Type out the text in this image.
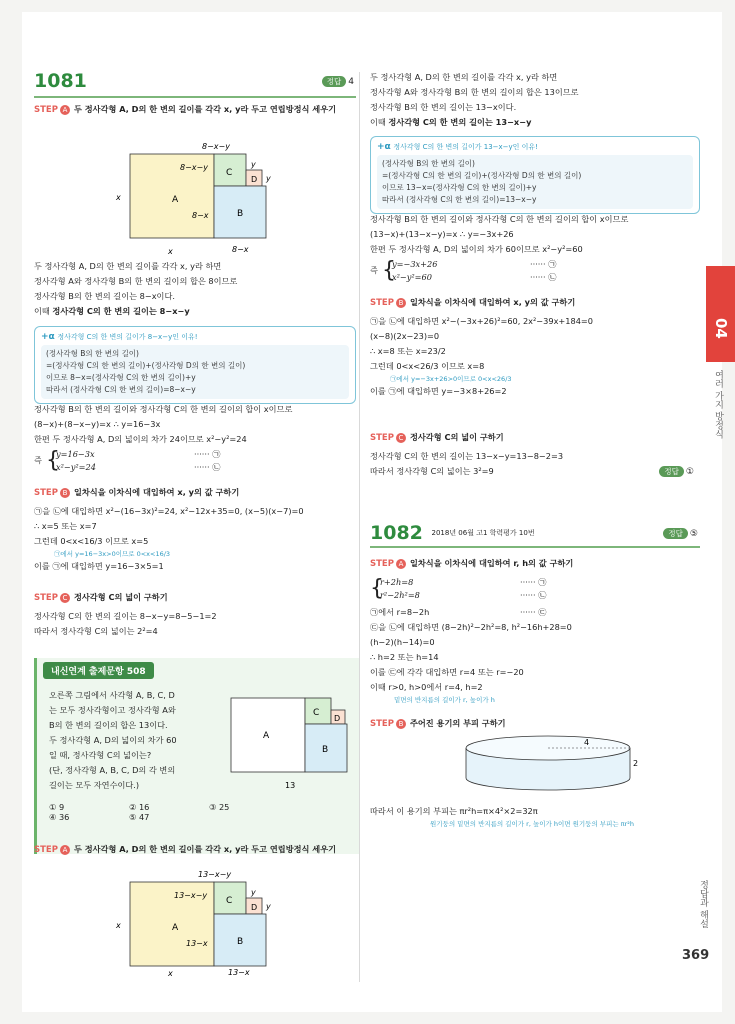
1081	정답 4
STEP A 두 정사각형 A, D의 한 변의 길이를 각각 x, y라 두고 연립방정식 세우기
A
C
D
B
8−x−y
8−x−y	y
y
x
8−x
8−x
x
두 정사각형 A, D의 한 변의 길이를 각각 x, y라 하면
정사각형 A와 정사각형 B의 한 변의 길이의 합은 8이므로
정사각형 B의 한 변의 길이는 8−x이다.
이때 정사각형 C의 한 변의 길이는 8−x−y
+α 정사각형 C의 한 변의 길이가 8−x−y인 이유!
(정사각형 B의 한 변의 길이)
=(정사각형 C의 한 변의 길이)+(정사각형 D의 한 변의 길이)
이므로 8−x=(정사각형 C의 한 변의 길이)+y
따라서 (정사각형 C의 한 변의 길이)=8−x−y
정사각형 B의 한 변의 길이와 정사각형 C의 한 변의 길이의 합이 x이므로
(8−x)+(8−x−y)=x ∴ y=16−3x
한편 두 정사각형 A, D의 넓이의 차가 24이므로 x²−y²=24
즉 {
y=16−3x
x²−y²=24
······ ㉠
······ ㉡
STEP B 일차식을 이차식에 대입하여 x, y의 값 구하기
㉠을 ㉡에 대입하면 x²−(16−3x)²=24, x²−12x+35=0, (x−5)(x−7)=0
∴ x=5 또는 x=7
그런데 0<x<16/3 이므로 x=5
㉠에서 y=16−3x>0이므로 0<x<16/3
이를 ㉠에 대입하면 y=16−3×5=1
STEP C 정사각형 C의 넓이 구하기
정사각형 C의 한 변의 길이는 8−x−y=8−5−1=2
따라서 정사각형 C의 넓이는 2²=4
내신연계 출제문항 508
오른쪽 그림에서 사각형 A, B, C, D
는 모두 정사각형이고 정사각형 A와
B의 한 변의 길이의 합은 13이다.
두 정사각형 A, D의 넓이의 차가 60
일 때, 정사각형 C의 넓이는?
(단, 정사각형 A, B, C, D의 각 변의
길이는 모두 자연수이다.)
A
C
D
B
13
① 9	② 16	③ 25
④ 36	⑤ 47
STEP A 두 정사각형 A, D의 한 변의 길이를 각각 x, y라 두고 연립방정식 세우기
A
C
D
B
13−x−y
13−x−y	y
y
x
13−x
13−x
x
두 정사각형 A, D의 한 변의 길이를 각각 x, y라 하면
정사각형 A와 정사각형 B의 한 변의 길이의 합은 13이므로
정사각형 B의 한 변의 길이는 13−x이다.
이때 정사각형 C의 한 변의 길이는 13−x−y
+α 정사각형 C의 한 변의 길이가 13−x−y인 이유!
(정사각형 B의 한 변의 길이)
=(정사각형 C의 한 변의 길이)+(정사각형 D의 한 변의 길이)
이므로 13−x=(정사각형 C의 한 변의 길이)+y
따라서 (정사각형 C의 한 변의 길이)=13−x−y
정사각형 B의 한 변의 길이와 정사각형 C의 한 변의 길이의 합이 x이므로
(13−x)+(13−x−y)=x ∴ y=−3x+26
한편 두 정사각형 A, D의 넓이의 차가 60이므로 x²−y²=60
즉 {
y=−3x+26
x²−y²=60
······ ㉠
······ ㉡
STEP B 일차식을 이차식에 대입하여 x, y의 값 구하기
㉠을 ㉡에 대입하면 x²−(−3x+26)²=60, 2x²−39x+184=0
(x−8)(2x−23)=0
∴ x=8 또는 x=23/2
그런데 0<x<26/3 이므로 x=8
㉠에서 y=−3x+26>0이므로 0<x<26/3
이를 ㉠에 대입하면 y=−3×8+26=2
STEP C 정사각형 C의 넓이 구하기
정사각형 C의 한 변의 길이는 13−x−y=13−8−2=3
따라서 정사각형 C의 넓이는 3²=9	정답 ①
1082 2018년 06월 고1 학력평가 10번	정답 ⑤
STEP A 일차식을 이차식에 대입하여 r, h의 값 구하기
{
r+2h=8
r²−2h²=8
······ ㉠
······ ㉡
㉠에서 r=8−2h	······ ㉢
㉢을 ㉡에 대입하면 (8−2h)²−2h²=8, h²−16h+28=0
(h−2)(h−14)=0
∴ h=2 또는 h=14
이를 ㉢에 각각 대입하면 r=4 또는 r=−20
이때 r>0, h>0에서 r=4, h=2
밑면의 반지름의 길이가 r, 높이가 h
STEP B 주어진 용기의 부피 구하기
4
2
따라서 이 용기의 부피는 πr²h=π×4²×2=32π
원기둥의 밑면의 반지름의 길이가 r, 높이가 h이면 원기둥의 부피는 πr²h
04
여러 가지 방정식
정답과 해설
369
